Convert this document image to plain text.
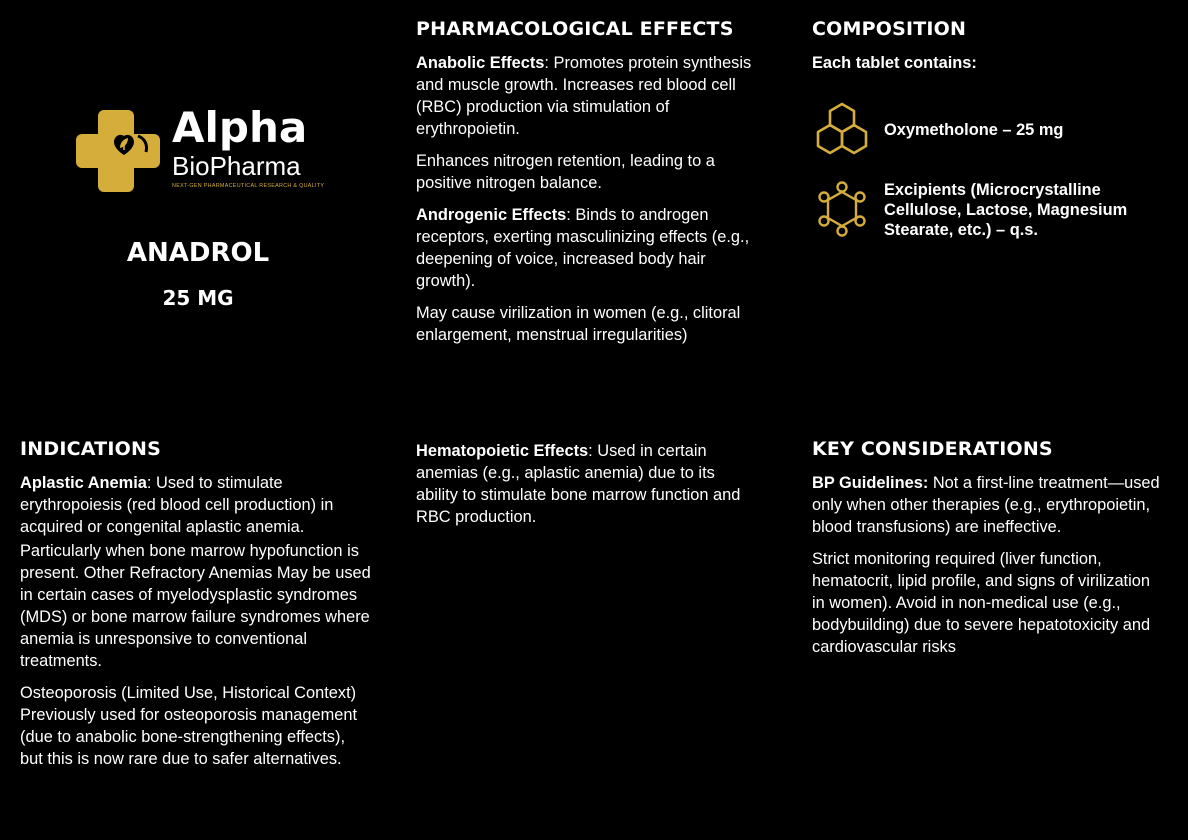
Alpha
BioPharma
NEXT-GEN PHARMACEUTICAL RESEARCH & QUALITY
ANADROL
25 MG
PHARMACOLOGICAL EFFECTS

Anabolic Effects: Promotes protein synthesis and muscle growth. Increases red blood cell (RBC) production via stimulation of erythropoietin.

Enhances nitrogen retention, leading to a positive nitrogen balance.

Androgenic Effects: Binds to androgen receptors, exerting masculinizing effects (e.g., deepening of voice, increased body hair growth).

May cause virilization in women (e.g., clitoral enlargement, menstrual irregularities)

Hematopoietic Effects: Used in certain anemias (e.g., aplastic anemia) due to its ability to stimulate bone marrow function and RBC production.

COMPOSITION

Each tablet contains:

Oxymetholone – 25 mg
Excipients (Microcrystalline Cellulose, Lactose, Magnesium Stearate, etc.) – q.s.
INDICATIONS

Aplastic Anemia: Used to stimulate erythropoiesis (red blood cell production) in acquired or congenital aplastic anemia.

Particularly when bone marrow hypofunction is present. Other Refractory Anemias May be used in certain cases of myelodysplastic syndromes (MDS) or bone marrow failure syndromes where anemia is unresponsive to conventional treatments.

Osteoporosis (Limited Use, Historical Context) Previously used for osteoporosis management (due to anabolic bone-strengthening effects), but this is now rare due to safer alternatives.

KEY CONSIDERATIONS

BP Guidelines: Not a first-line treatment—used only when other therapies (e.g., erythropoietin, blood transfusions) are ineffective.

Strict monitoring required (liver function, hematocrit, lipid profile, and signs of virilization in women). Avoid in non-medical use (e.g., bodybuilding) due to severe hepatotoxicity and cardiovascular risks
